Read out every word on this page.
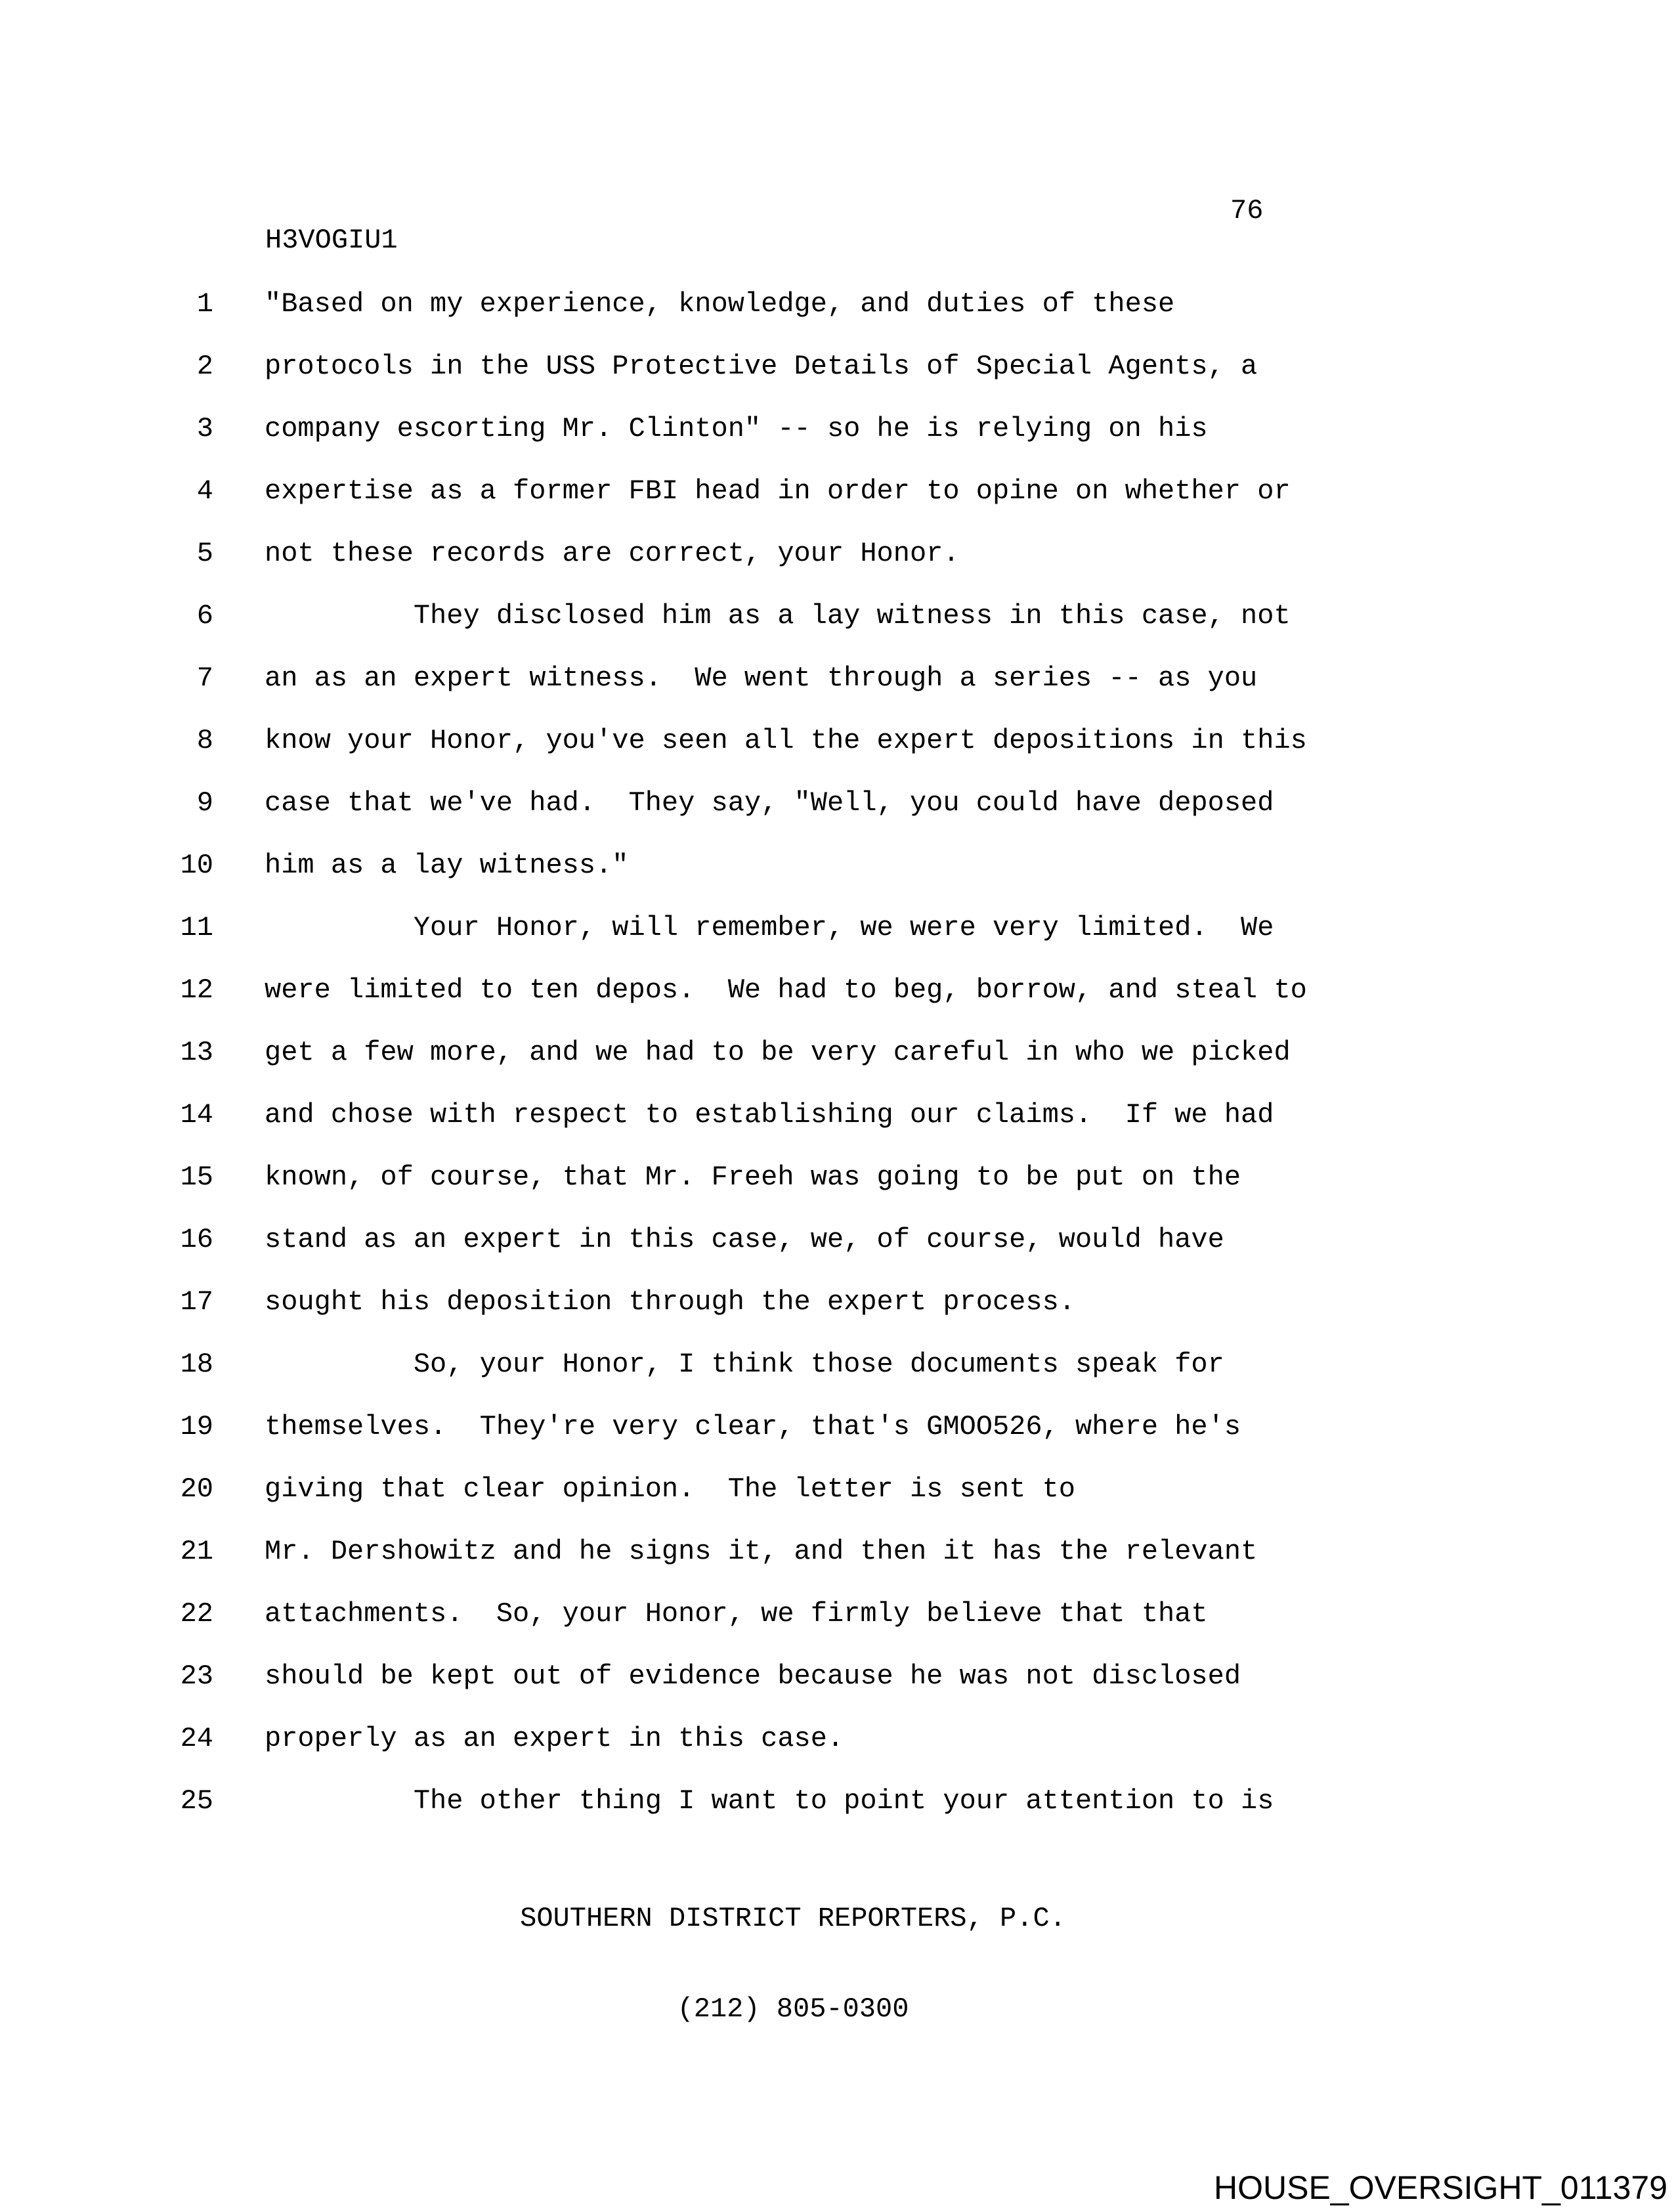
76
H3VOGIU1
1 "Based on my experience, knowledge, and duties of these
2 protocols in the USS Protective Details of Special Agents, a
3 company escorting Mr. Clinton" -- so he is relying on his
4 expertise as a former FBI head in order to opine on whether or
5 not these records are correct, your Honor.
6         They disclosed him as a lay witness in this case, not
7 an as an expert witness.  We went through a series -- as you
8 know your Honor, you've seen all the expert depositions in this
9 case that we've had.  They say, "Well, you could have deposed
10 him as a lay witness."
11         Your Honor, will remember, we were very limited.  We
12 were limited to ten depos.  We had to beg, borrow, and steal to
13 get a few more, and we had to be very careful in who we picked
14 and chose with respect to establishing our claims.  If we had
15 known, of course, that Mr. Freeh was going to be put on the
16 stand as an expert in this case, we, of course, would have
17 sought his deposition through the expert process.
18         So, your Honor, I think those documents speak for
19 themselves.  They're very clear, that's GMOO526, where he's
20 giving that clear opinion.  The letter is sent to
21 Mr. Dershowitz and he signs it, and then it has the relevant
22 attachments.  So, your Honor, we firmly believe that that
23 should be kept out of evidence because he was not disclosed
24 properly as an expert in this case.
25         The other thing I want to point your attention to is

SOUTHERN DISTRICT REPORTERS, P.C.

(212) 805-0300

HOUSE_OVERSIGHT_011379
